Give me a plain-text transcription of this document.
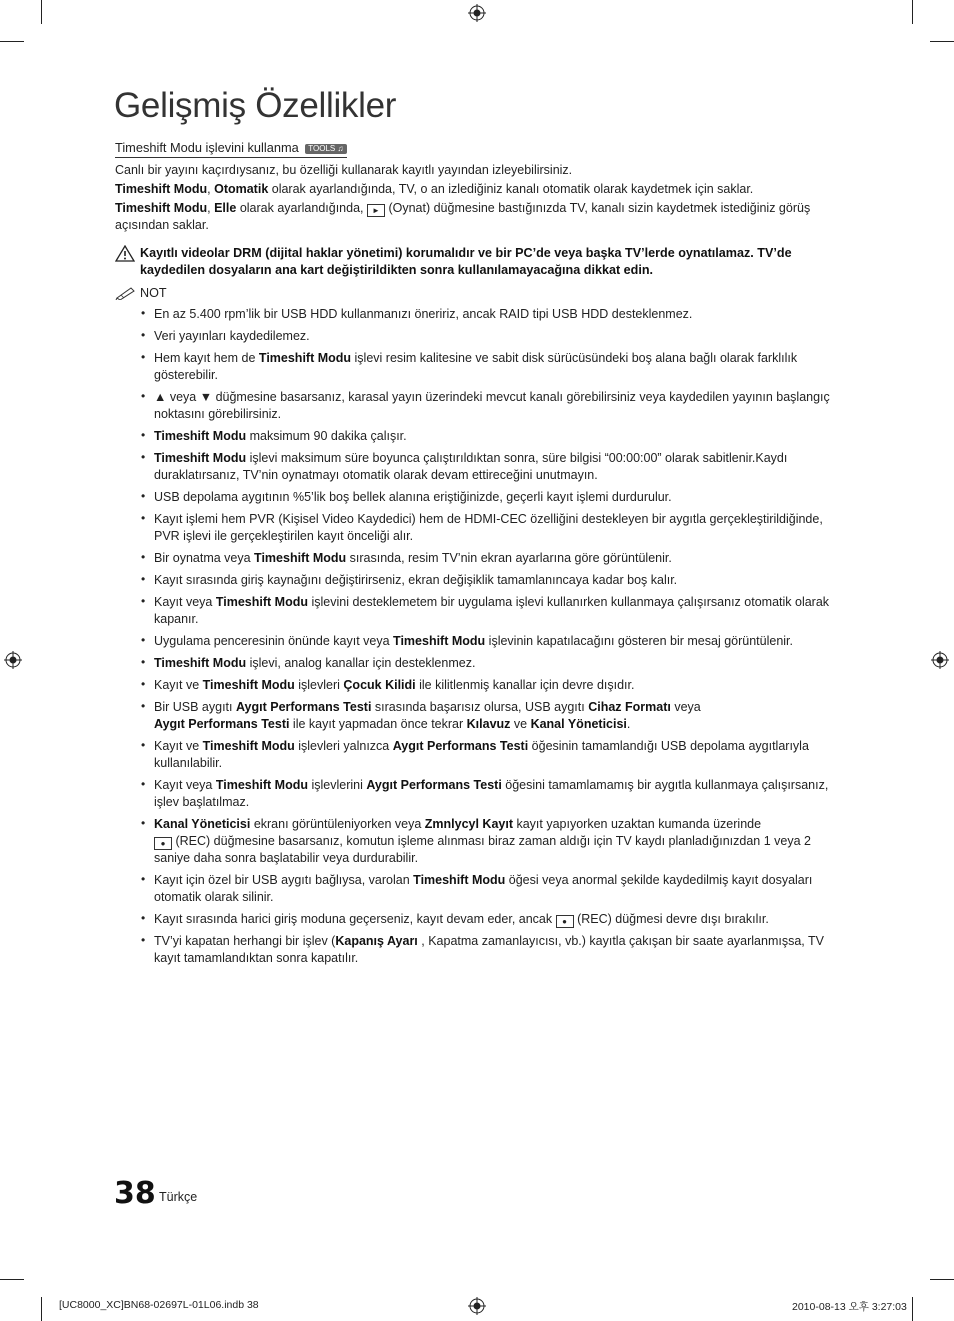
Gelişmiş Özellikler
Timeshift Modu işlevini kullanma TOOLS ♫

Canlı bir yayını kaçırdıysanız, bu özelliği kullanarak kayıtlı yayından izleyebilirsiniz.

Timeshift Modu, Otomatik olarak ayarlandığında, TV, o an izlediğiniz kanalı otomatik olarak kaydetmek için saklar.

Timeshift Modu, Elle olarak ayarlandığında, ► (Oynat) düğmesine bastığınızda TV, kanalı sizin kaydetmek istediğiniz görüş açısından saklar.

Kayıtlı videolar DRM (dijital haklar yönetimi) korumalıdır ve bir PC’de veya başka TV’lerde oynatılamaz. TV’de kaydedilen dosyaların ana kart değiştirildikten sonra kullanılamayacağına dikkat edin.
NOT
• En az 5.400 rpm’lik bir USB HDD kullanmanızı öneririz, ancak RAID tipi USB HDD desteklenmez.
• Veri yayınları kaydedilemez.
• Hem kayıt hem de Timeshift Modu işlevi resim kalitesine ve sabit disk sürücüsündeki boş alana bağlı olarak farklılık gösterebilir.
• ▲ veya ▼ düğmesine basarsanız, karasal yayın üzerindeki mevcut kanalı görebilirsiniz veya kaydedilen yayının başlangıç noktasını görebilirsiniz.
• Timeshift Modu maksimum 90 dakika çalışır.
• Timeshift Modu işlevi maksimum süre boyunca çalıştırıldıktan sonra, süre bilgisi “00:00:00” olarak sabitlenir.Kaydı duraklatırsanız, TV’nin oynatmayı otomatik olarak devam ettireceğini unutmayın.
• USB depolama aygıtının %5’lik boş bellek alanına eriştiğinizde, geçerli kayıt işlemi durdurulur.
• Kayıt işlemi hem PVR (Kişisel Video Kaydedici) hem de HDMI-CEC özelliğini destekleyen bir aygıtla gerçekleştirildiğinde, PVR işlevi ile gerçekleştirilen kayıt önceliği alır.
• Bir oynatma veya Timeshift Modu sırasında, resim TV’nin ekran ayarlarına göre görüntülenir.
• Kayıt sırasında giriş kaynağını değiştirirseniz, ekran değişiklik tamamlanıncaya kadar boş kalır.
• Kayıt veya Timeshift Modu işlevini desteklemetem bir uygulama işlevi kullanırken kullanmaya çalışırsanız otomatik olarak kapanır.
• Uygulama penceresinin önünde kayıt veya Timeshift Modu işlevinin kapatılacağını gösteren bir mesaj görüntülenir.
• Timeshift Modu işlevi, analog kanallar için desteklenmez.
• Kayıt ve Timeshift Modu işlevleri Çocuk Kilidi ile kilitlenmiş kanallar için devre dışıdır.
• Bir USB aygıtı Aygıt Performans Testi sırasında başarısız olursa, USB aygıtı Cihaz Formatı veya
Aygıt Performans Testi ile kayıt yapmadan önce tekrar Kılavuz ve Kanal Yöneticisi.
• Kayıt ve Timeshift Modu işlevleri yalnızca Aygıt Performans Testi öğesinin tamamlandığı USB depolama aygıtlarıyla kullanılabilir.
• Kayıt veya Timeshift Modu işlevlerini Aygıt Performans Testi öğesini tamamlamamış bir aygıtla kullanmaya çalışırsanız, işlev başlatılmaz.
• Kanal Yöneticisi ekranı görüntüleniyorken veya Zmnlycyl Kayıt kayıt yapıyorken uzaktan kumanda üzerinde
● (REC) düğmesine basarsanız, komutun işleme alınması biraz zaman aldığı için TV kaydı planladığınızdan 1 veya 2 saniye daha sonra başlatabilir veya durdurabilir.
• Kayıt için özel bir USB aygıtı bağlıysa, varolan Timeshift Modu öğesi veya anormal şekilde kaydedilmiş kayıt dosyaları otomatik olarak silinir.
• Kayıt sırasında harici giriş moduna geçerseniz, kayıt devam eder, ancak ● (REC) düğmesi devre dışı bırakılır.
• TV’yi kapatan herhangi bir işlev (Kapanış Ayarı , Kapatma zamanlayıcısı, vb.) kayıtla çakışan bir saate ayarlanmışsa, TV kayıt tamamlandıktan sonra kapatılır.
38 Türkçe
[UC8000_XC]BN68-02697L-01L06.indb 38	2010-08-13 오후 3:27:03
